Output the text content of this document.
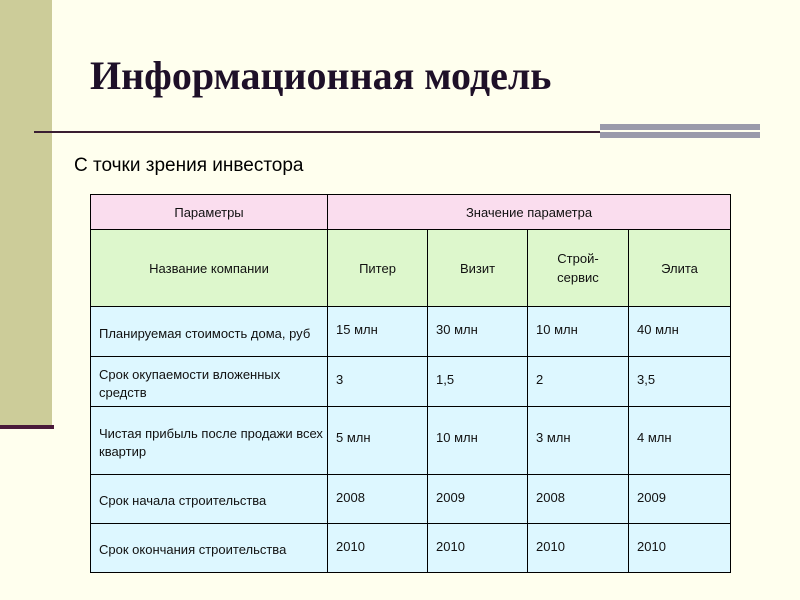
Информационная модель
С точки зрения инвестора
Параметры	Значение параметра			
Название компании	Питер	Визит	Строй-сервис	Элита
Планируемая стоимость дома, руб	15 млн	30 млн	10 млн	40 млн
Срок окупаемости вложенных средств	3	1,5	2	3,5
Чистая прибыль после продажи всех квартир	5 млн	10 млн	3 млн	4 млн
Срок начала строительства	2008	2009	2008	2009
Срок окончания строительства	2010	2010	2010	2010
